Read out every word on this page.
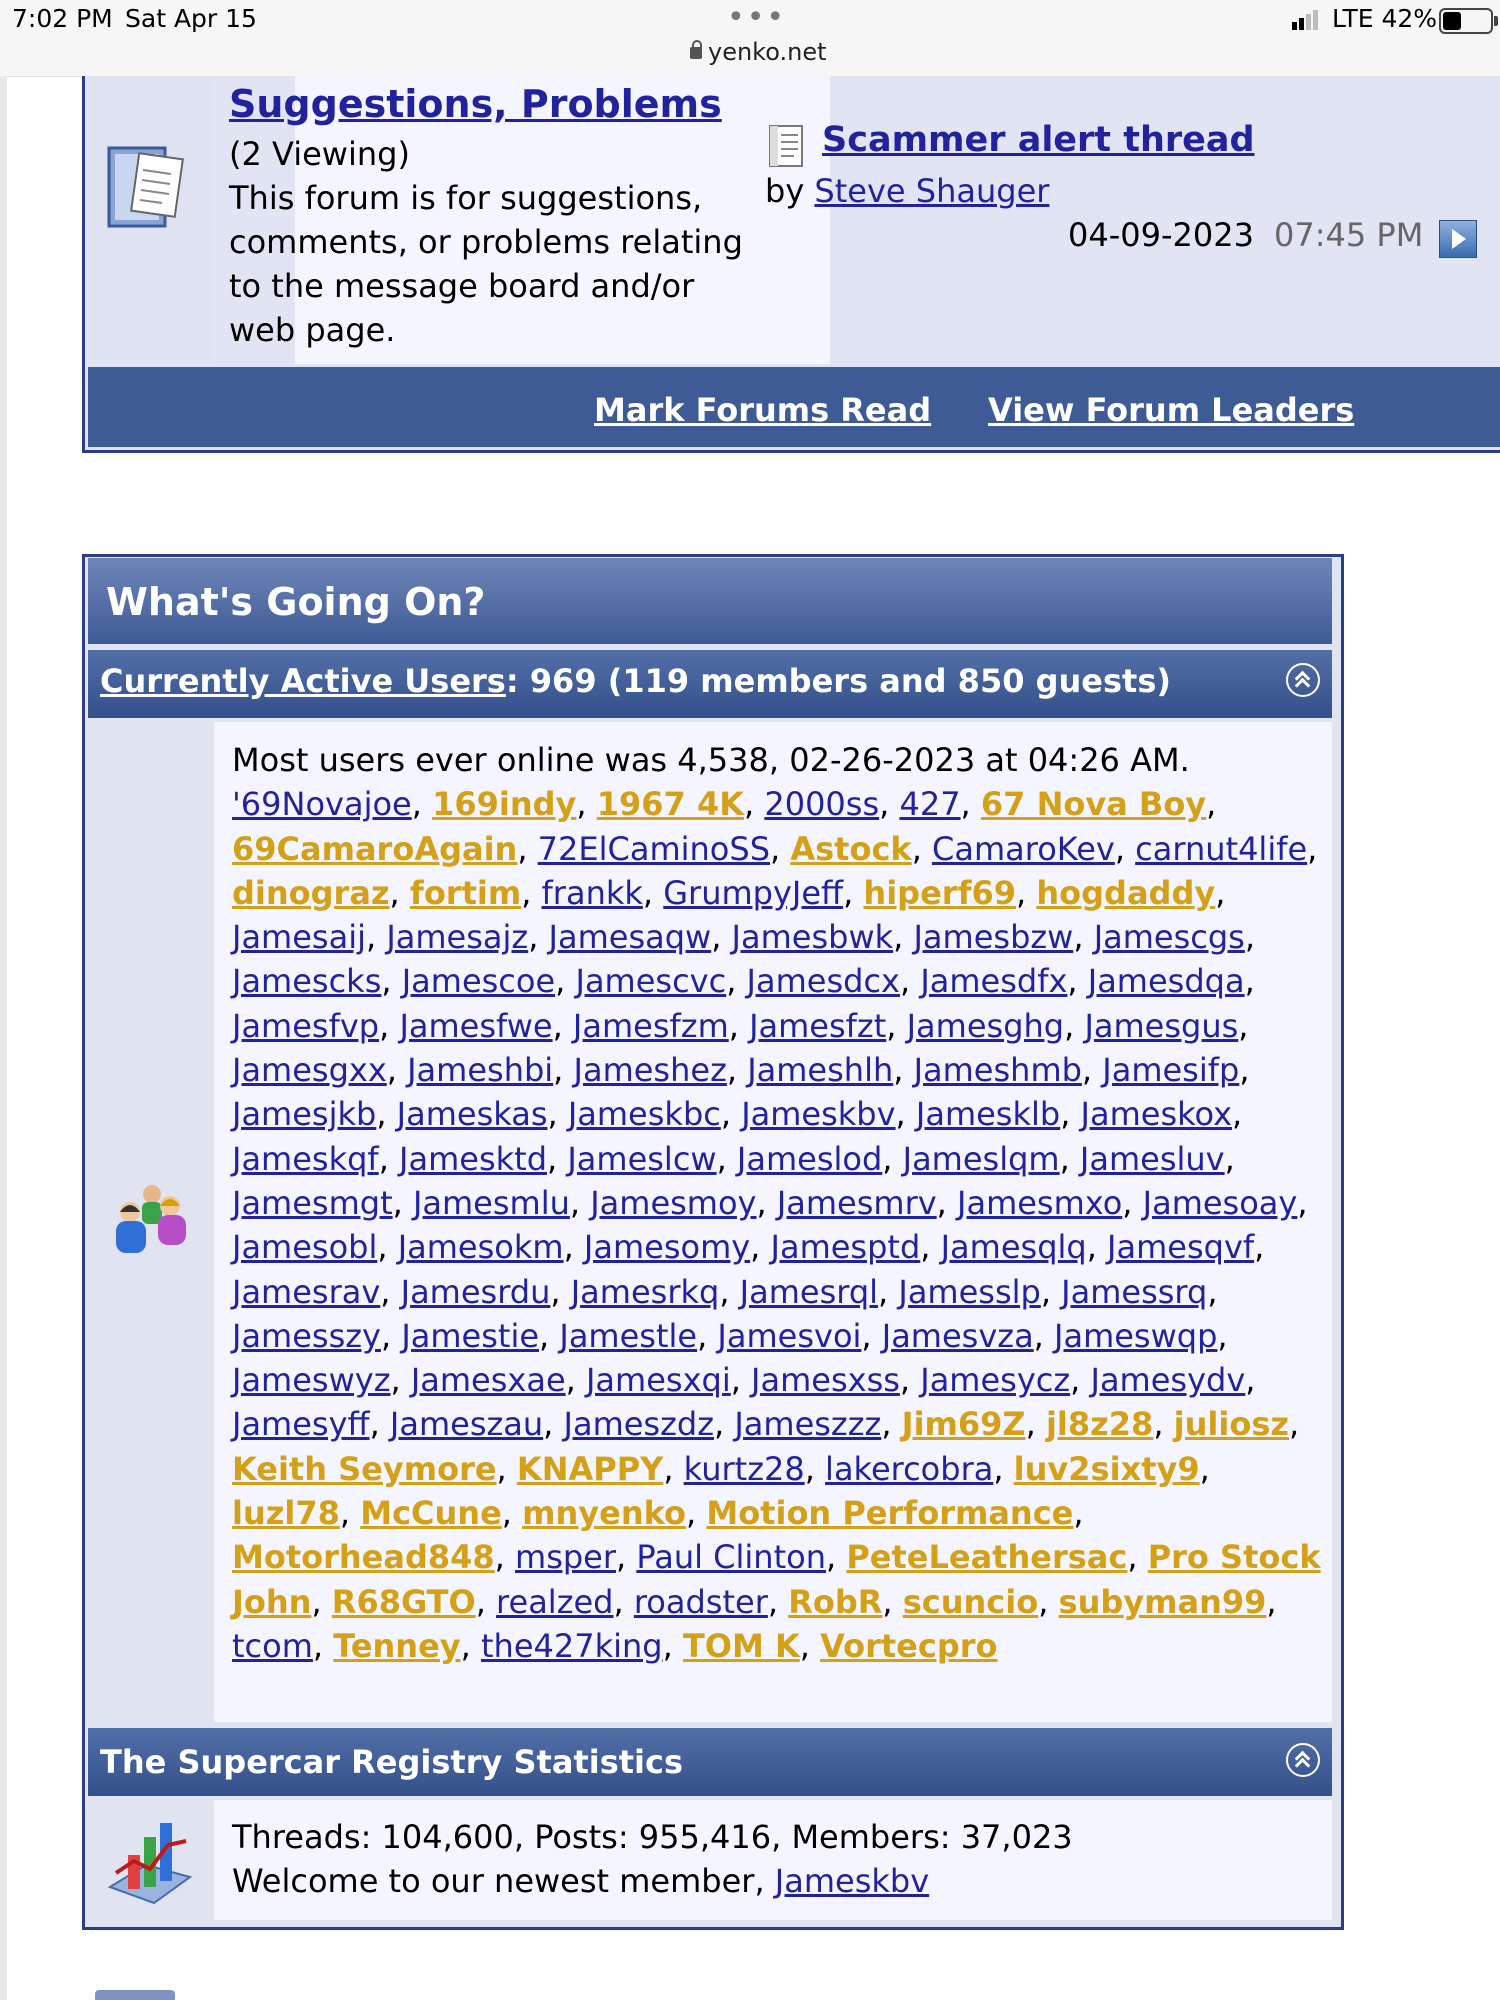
7:02 PM Sat Apr 15	•••
yenko.net
LTE 42%
Suggestions, Problems
(2 Viewing)
This forum is for suggestions, comments, or problems relating to the message board and/or web page.
Scammer alert thread
by Steve Shauger
04-09-2023 07:45 PM
Mark Forums Read View Forum Leaders
What's Going On?
Currently Active Users: 969 (119 members and 850 guests)
Most users ever online was 4,538, 02-26-2023 at 04:26 AM.
'69Novajoe, 169indy, 1967 4K, 2000ss, 427, 67 Nova Boy, 69CamaroAgain, 72ElCaminoSS, Astock, CamaroKev, carnut4life, dinograz, fortim, frankk, GrumpyJeff, hiperf69, hogdaddy, Jamesaij, Jamesajz, Jamesaqw, Jamesbwk, Jamesbzw, Jamescgs, Jamescks, Jamescoe, Jamescvc, Jamesdcx, Jamesdfx, Jamesdqa, Jamesfvp, Jamesfwe, Jamesfzm, Jamesfzt, Jamesghg, Jamesgus, Jamesgxx, Jameshbi, Jameshez, Jameshlh, Jameshmb, Jamesifp, Jamesjkb, Jameskas, Jameskbc, Jameskbv, Jamesklb, Jameskox, Jameskqf, Jamesktd, Jameslcw, Jameslod, Jameslqm, Jamesluv, Jamesmgt, Jamesmlu, Jamesmoy, Jamesmrv, Jamesmxo, Jamesoay, Jamesobl, Jamesokm, Jamesomy, Jamesptd, Jamesqlq, Jamesqvf, Jamesrav, Jamesrdu, Jamesrkq, Jamesrql, Jamesslp, Jamessrq, Jamesszy, Jamestie, Jamestle, Jamesvoi, Jamesvza, Jameswqp, Jameswyz, Jamesxae, Jamesxqi, Jamesxss, Jamesycz, Jamesydv, Jamesyff, Jameszau, Jameszdz, Jameszzz, Jim69Z, jl8z28, juliosz, Keith Seymore, KNAPPY, kurtz28, lakercobra, luv2sixty9, luzl78, McCune, mnyenko, Motion Performance, Motorhead848, msper, Paul Clinton, PeteLeathersac, Pro Stock John, R68GTO, realzed, roadster, RobR, scuncio, subyman99, tcom, Tenney, the427king, TOM K, Vortecpro
The Supercar Registry Statistics
Threads: 104,600, Posts: 955,416, Members: 37,023
Welcome to our newest member, Jameskbv
